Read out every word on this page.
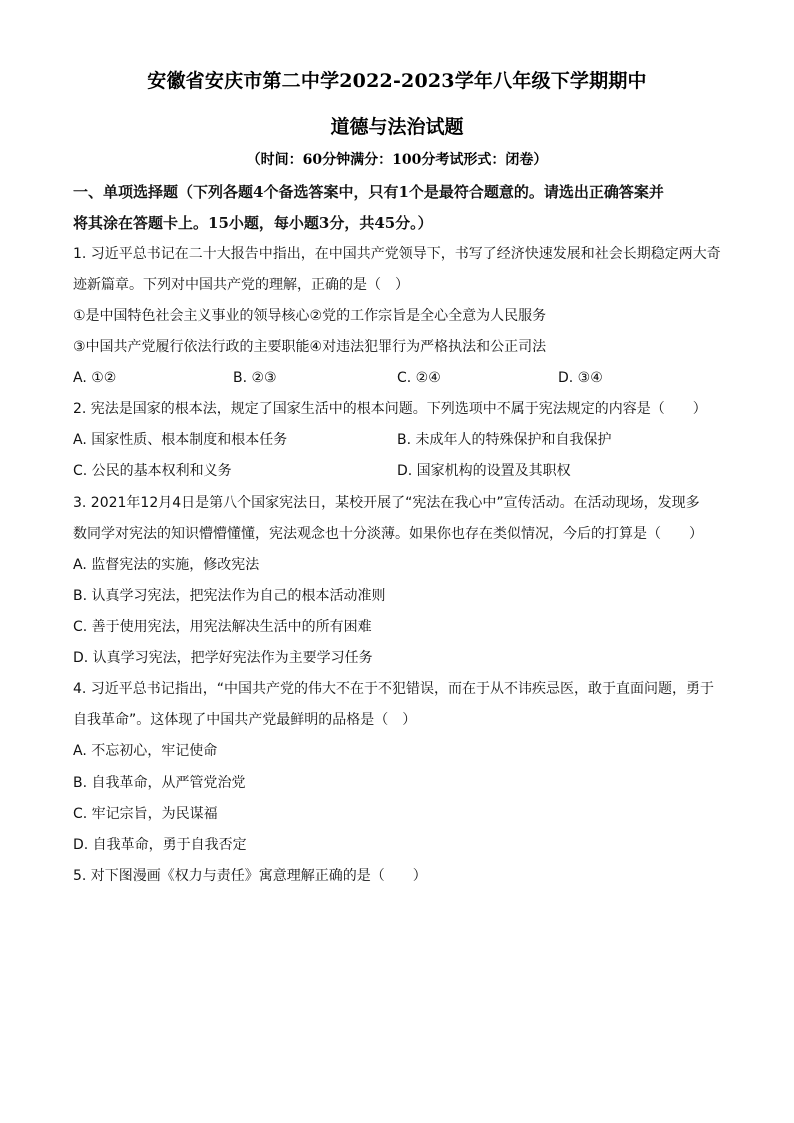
安徽省安庆市第二中学2022-2023学年八年级下学期期中
道德与法治试题
（时间：60分钟满分：100分考试形式：闭卷）
一、单项选择题（下列各题4个备选答案中，只有1个是最符合题意的。请选出正确答案并
将其涂在答题卡上。15小题，每小题3分，共45分。）
1. 习近平总书记在二十大报告中指出，在中国共产党领导下，书写了经济快速发展和社会长期稳定两大奇
迹新篇章。下列对中国共产党的理解，正确的是（　）
①是中国特色社会主义事业的领导核心②党的工作宗旨是全心全意为人民服务
③中国共产党履行依法行政的主要职能④对违法犯罪行为严格执法和公正司法
A. ①②	B. ②③	C. ②④	D. ③④
2. 宪法是国家的根本法，规定了国家生活中的根本问题。下列选项中不属于宪法规定的内容是（　　）
A. 国家性质、根本制度和根本任务	B. 未成年人的特殊保护和自我保护
C. 公民的基本权利和义务	D. 国家机构的设置及其职权
3. 2021年12月4日是第八个国家宪法日，某校开展了“宪法在我心中”宣传活动。在活动现场，发现多
数同学对宪法的知识懵懵懂懂，宪法观念也十分淡薄。如果你也存在类似情况，今后的打算是（　　）
A. 监督宪法的实施，修改宪法
B. 认真学习宪法，把宪法作为自己的根本活动准则
C. 善于使用宪法，用宪法解决生活中的所有困难
D. 认真学习宪法，把学好宪法作为主要学习任务
4. 习近平总书记指出，“中国共产党的伟大不在于不犯错误，而在于从不讳疾忌医，敢于直面问题，勇于
自我革命”。这体现了中国共产党最鲜明的品格是（　）
A. 不忘初心，牢记使命
B. 自我革命，从严管党治党
C. 牢记宗旨，为民谋福
D. 自我革命，勇于自我否定
5. 对下图漫画《权力与责任》寓意理解正确的是（　　）
